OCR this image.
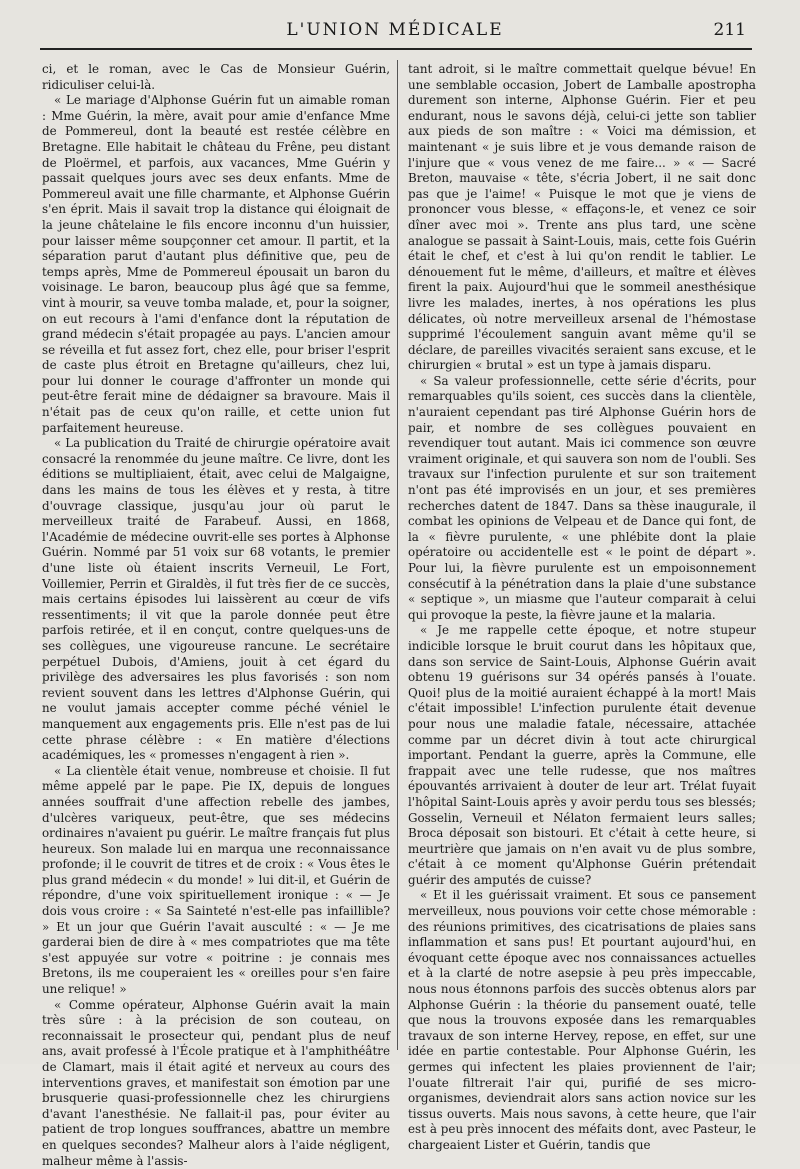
L'UNION MÉDICALE	211

ci, et le roman, avec le Cas de Monsieur Guérin, ridiculiser celui-là.

« Le mariage d'Alphonse Guérin fut un aimable roman : Mme Guérin, la mère, avait pour amie d'enfance Mme de Pommereul, dont la beauté est restée célèbre en Bretagne. Elle habitait le château du Frêne, peu distant de Ploërmel, et parfois, aux vacances, Mme Guérin y passait quelques jours avec ses deux enfants. Mme de Pommereul avait une fille charmante, et Alphonse Guérin s'en éprit. Mais il savait trop la distance qui éloignait de la jeune châtelaine le fils encore inconnu d'un huissier, pour laisser même soupçonner cet amour. Il partit, et la séparation parut d'autant plus définitive que, peu de temps après, Mme de Pommereul épousait un baron du voisinage. Le baron, beaucoup plus âgé que sa femme, vint à mourir, sa veuve tomba malade, et, pour la soigner, on eut recours à l'ami d'enfance dont la réputation de grand médecin s'était propagée au pays. L'ancien amour se réveilla et fut assez fort, chez elle, pour briser l'esprit de caste plus étroit en Bretagne qu'ailleurs, chez lui, pour lui donner le courage d'affronter un monde qui peut-être ferait mine de dédaigner sa bravoure. Mais il n'était pas de ceux qu'on raille, et cette union fut parfaitement heureuse.

« La publication du Traité de chirurgie opératoire avait consacré la renommée du jeune maître. Ce livre, dont les éditions se multipliaient, était, avec celui de Malgaigne, dans les mains de tous les élèves et y resta, à titre d'ouvrage classique, jusqu'au jour où parut le merveilleux traité de Farabeuf. Aussi, en 1868, l'Académie de médecine ouvrit-elle ses portes à Alphonse Guérin. Nommé par 51 voix sur 68 votants, le premier d'une liste où étaient inscrits Verneuil, Le Fort, Voillemier, Perrin et Giraldès, il fut très fier de ce succès, mais certains épisodes lui laissèrent au cœur de vifs ressentiments; il vit que la parole donnée peut être parfois retirée, et il en conçut, contre quelques-uns de ses collègues, une vigoureuse rancune. Le secrétaire perpétuel Dubois, d'Amiens, jouit à cet égard du privilège des adversaires les plus favorisés : son nom revient souvent dans les lettres d'Alphonse Guérin, qui ne voulut jamais accepter comme péché véniel le manquement aux engagements pris. Elle n'est pas de lui cette phrase célèbre : « En matière d'élections académiques, les « promesses n'engagent à rien ».

« La clientèle était venue, nombreuse et choisie. Il fut même appelé par le pape. Pie IX, depuis de longues années souffrait d'une affection rebelle des jambes, d'ulcères variqueux, peut-être, que ses médecins ordinaires n'avaient pu guérir. Le maître français fut plus heureux. Son malade lui en marqua une reconnaissance profonde; il le couvrit de titres et de croix : « Vous êtes le plus grand médecin « du monde! » lui dit-il, et Guérin de répondre, d'une voix spirituellement ironique : « — Je dois vous croire : « Sa Sainteté n'est-elle pas infaillible? » Et un jour que Guérin l'avait ausculté : « — Je me garderai bien de dire à « mes compatriotes que ma tête s'est appuyée sur votre « poitrine : je connais mes Bretons, ils me couperaient les « oreilles pour s'en faire une relique! »

« Comme opérateur, Alphonse Guérin avait la main très sûre : à la précision de son couteau, on reconnaissait le prosecteur qui, pendant plus de neuf ans, avait professé à l'École pratique et à l'amphithéâtre de Clamart, mais il était agité et nerveux au cours des interventions graves, et manifestait son émotion par une brusquerie quasi-professionnelle chez les chirurgiens d'avant l'anesthésie. Ne fallait-il pas, pour éviter au patient de trop longues souffrances, abattre un membre en quelques secondes? Malheur alors à l'aide négligent, malheur même à l'assis-

tant adroit, si le maître commettait quelque bévue! En une semblable occasion, Jobert de Lamballe apostropha durement son interne, Alphonse Guérin. Fier et peu endurant, nous le savons déjà, celui-ci jette son tablier aux pieds de son maître : « Voici ma démission, et maintenant « je suis libre et je vous demande raison de l'injure que « vous venez de me faire... » « — Sacré Breton, mauvaise « tête, s'écria Jobert, il ne sait donc pas que je l'aime! « Puisque le mot que je viens de prononcer vous blesse, « effaçons-le, et venez ce soir dîner avec moi ». Trente ans plus tard, une scène analogue se passait à Saint-Louis, mais, cette fois Guérin était le chef, et c'est à lui qu'on rendit le tablier. Le dénouement fut le même, d'ailleurs, et maître et élèves firent la paix. Aujourd'hui que le sommeil anesthésique livre les malades, inertes, à nos opérations les plus délicates, où notre merveilleux arsenal de l'hémostase supprimé l'écoulement sanguin avant même qu'il se déclare, de pareilles vivacités seraient sans excuse, et le chirurgien « brutal » est un type à jamais disparu.

« Sa valeur professionnelle, cette série d'écrits, pour remarquables qu'ils soient, ces succès dans la clientèle, n'auraient cependant pas tiré Alphonse Guérin hors de pair, et nombre de ses collègues pouvaient en revendiquer tout autant. Mais ici commence son œuvre vraiment originale, et qui sauvera son nom de l'oubli. Ses travaux sur l'infection purulente et sur son traitement n'ont pas été improvisés en un jour, et ses premières recherches datent de 1847. Dans sa thèse inaugurale, il combat les opinions de Velpeau et de Dance qui font, de la « fièvre purulente, « une phlébite dont la plaie opératoire ou accidentelle est « le point de départ ». Pour lui, la fièvre purulente est un empoisonnement consécutif à la pénétration dans la plaie d'une substance « septique », un miasme que l'auteur comparait à celui qui provoque la peste, la fièvre jaune et la malaria.

« Je me rappelle cette époque, et notre stupeur indicible lorsque le bruit courut dans les hôpitaux que, dans son service de Saint-Louis, Alphonse Guérin avait obtenu 19 guérisons sur 34 opérés pansés à l'ouate. Quoi! plus de la moitié auraient échappé à la mort! Mais c'était impossible! L'infection purulente était devenue pour nous une maladie fatale, nécessaire, attachée comme par un décret divin à tout acte chirurgical important. Pendant la guerre, après la Commune, elle frappait avec une telle rudesse, que nos maîtres épouvantés arrivaient à douter de leur art. Trélat fuyait l'hôpital Saint-Louis après y avoir perdu tous ses blessés; Gosselin, Verneuil et Nélaton fermaient leurs salles; Broca déposait son bistouri. Et c'était à cette heure, si meurtrière que jamais on n'en avait vu de plus sombre, c'était à ce moment qu'Alphonse Guérin prétendait guérir des amputés de cuisse?

« Et il les guérissait vraiment. Et sous ce pansement merveilleux, nous pouvions voir cette chose mémorable : des réunions primitives, des cicatrisations de plaies sans inflammation et sans pus! Et pourtant aujourd'hui, en évoquant cette époque avec nos connaissances actuelles et à la clarté de notre asepsie à peu près impeccable, nous nous étonnons parfois des succès obtenus alors par Alphonse Guérin : la théorie du pansement ouaté, telle que nous la trouvons exposée dans les remarquables travaux de son interne Hervey, repose, en effet, sur une idée en partie contestable. Pour Alphonse Guérin, les germes qui infectent les plaies proviennent de l'air; l'ouate filtrerait l'air qui, purifié de ses micro-organismes, deviendrait alors sans action novice sur les tissus ouverts. Mais nous savons, à cette heure, que l'air est à peu près innocent des méfaits dont, avec Pasteur, le chargeaient Lister et Guérin, tandis que
